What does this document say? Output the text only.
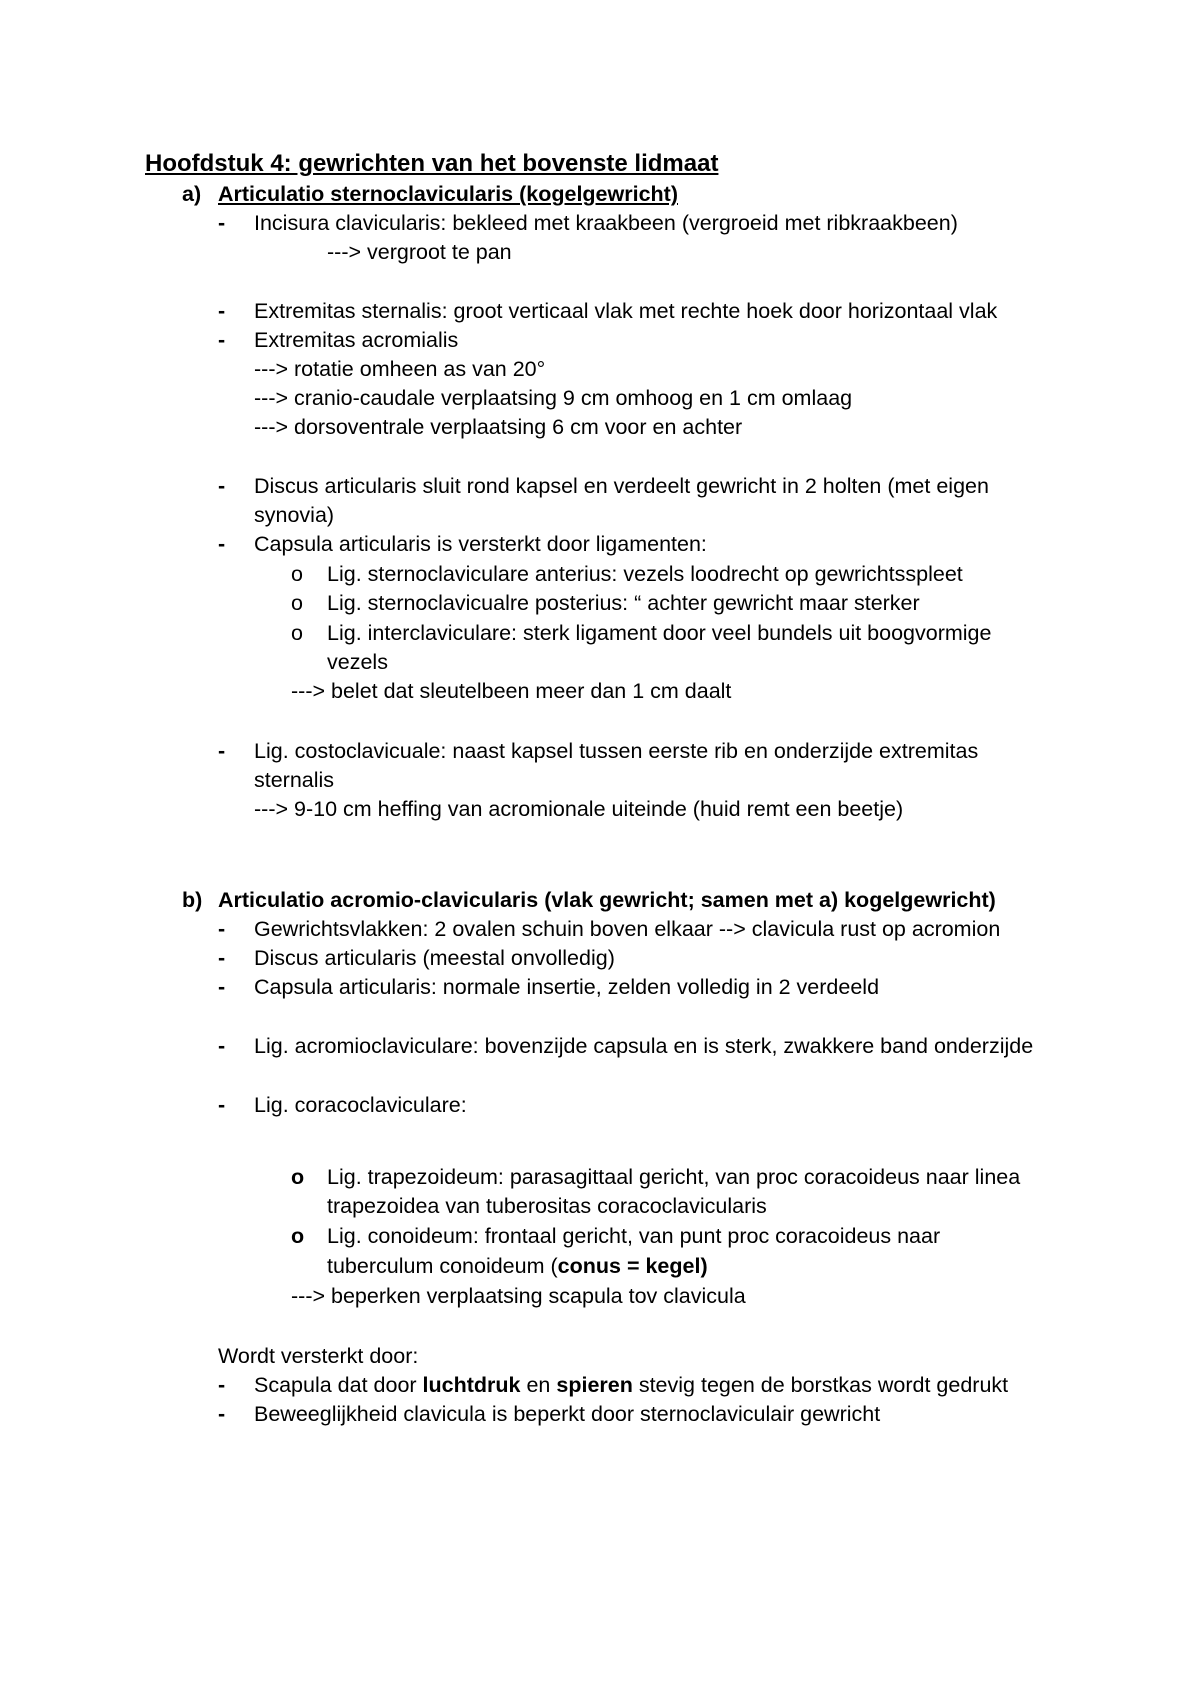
Hoofdstuk 4: gewrichten van het bovenste lidmaat
a) Articulatio sternoclavicularis (kogelgewricht)
- Incisura clavicularis: bekleed met kraakbeen (vergroeid met ribkraakbeen)
---> vergroot te pan
- Extremitas sternalis: groot verticaal vlak met rechte hoek door horizontaal vlak
- Extremitas acromialis
---> rotatie omheen as van 20°
---> cranio-caudale verplaatsing 9 cm omhoog en 1 cm omlaag
---> dorsoventrale verplaatsing 6 cm voor en achter
- Discus articularis sluit rond kapsel en verdeelt gewricht in 2 holten (met eigen
synovia)
- Capsula articularis is versterkt door ligamenten:
o Lig. sternoclaviculare anterius: vezels loodrecht op gewrichtsspleet
o Lig. sternoclavicualre posterius: “ achter gewricht maar sterker
o Lig. interclaviculare: sterk ligament door veel bundels uit boogvormige
vezels
---> belet dat sleutelbeen meer dan 1 cm daalt
- Lig. costoclavicuale: naast kapsel tussen eerste rib en onderzijde extremitas
sternalis
---> 9-10 cm heffing van acromionale uiteinde (huid remt een beetje)
b) Articulatio acromio-clavicularis (vlak gewricht; samen met a) kogelgewricht)
- Gewrichtsvlakken: 2 ovalen schuin boven elkaar --> clavicula rust op acromion
- Discus articularis (meestal onvolledig)
- Capsula articularis: normale insertie, zelden volledig in 2 verdeeld
- Lig. acromioclaviculare: bovenzijde capsula en is sterk, zwakkere band onderzijde
- Lig. coracoclaviculare:
o Lig. trapezoideum: parasagittaal gericht, van proc coracoideus naar linea
trapezoidea van tuberositas coracoclavicularis
o Lig. conoideum: frontaal gericht, van punt proc coracoideus naar
tuberculum conoideum (conus = kegel)
---> beperken verplaatsing scapula tov clavicula
Wordt versterkt door:
- Scapula dat door luchtdruk en spieren stevig tegen de borstkas wordt gedrukt
- Beweeglijkheid clavicula is beperkt door sternoclaviculair gewricht
